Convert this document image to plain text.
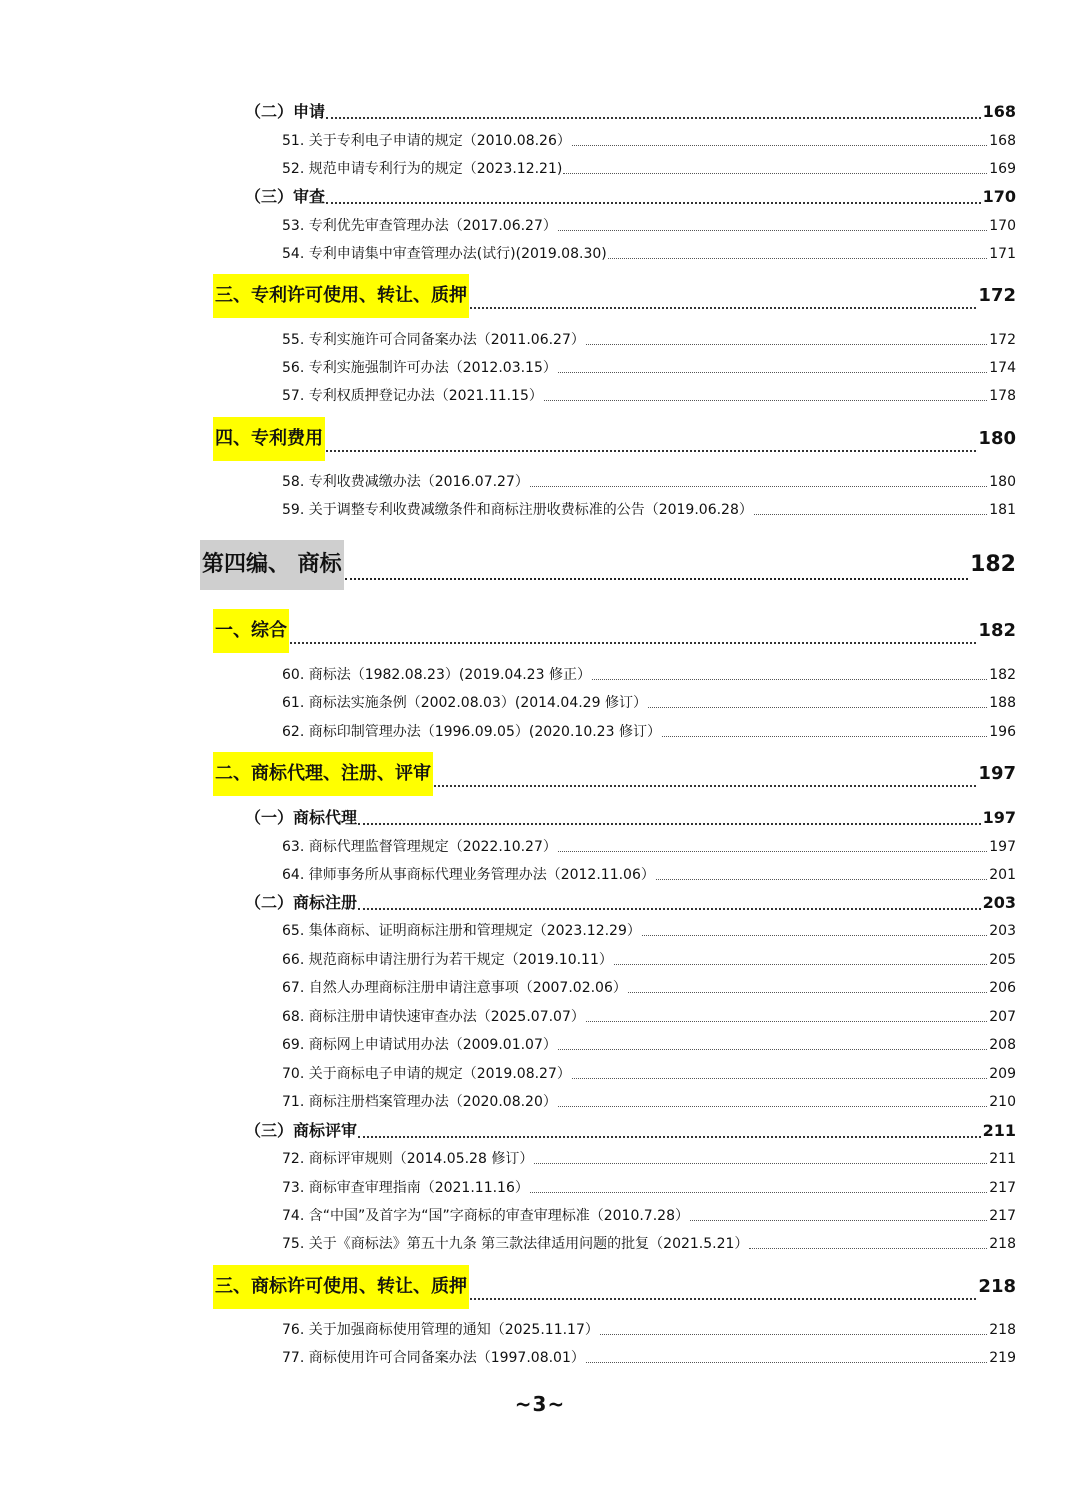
（二）申请	168
51. 关于专利电子申请的规定（2010.08.26）	168
52. 规范申请专利行为的规定（2023.12.21)	169
（三）审查	170
53. 专利优先审查管理办法（2017.06.27）	170
54. 专利申请集中审查管理办法(试行)(2019.08.30)	171
三、专利许可使用、转让、质押	172
55. 专利实施许可合同备案办法（2011.06.27）	172
56. 专利实施强制许可办法（2012.03.15）	174
57. 专利权质押登记办法（2021.11.15）	178
四、专利费用	180
58. 专利收费减缴办法（2016.07.27）	180
59. 关于调整专利收费减缴条件和商标注册收费标准的公告（2019.06.28）	181
第四编、 商标	182
一、综合	182
60. 商标法（1982.08.23）(2019.04.23 修正）	182
61. 商标法实施条例（2002.08.03）(2014.04.29 修订）	188
62. 商标印制管理办法（1996.09.05）(2020.10.23 修订）	196
二、商标代理、注册、评审	197
（一）商标代理	197
63. 商标代理监督管理规定（2022.10.27）	197
64. 律师事务所从事商标代理业务管理办法（2012.11.06）	201
（二）商标注册	203
65. 集体商标、证明商标注册和管理规定（2023.12.29）	203
66. 规范商标申请注册行为若干规定（2019.10.11）	205
67. 自然人办理商标注册申请注意事项（2007.02.06）	206
68. 商标注册申请快速审查办法（2025.07.07）	207
69. 商标网上申请试用办法（2009.01.07）	208
70. 关于商标电子申请的规定（2019.08.27）	209
71. 商标注册档案管理办法（2020.08.20）	210
（三）商标评审	211
72. 商标评审规则（2014.05.28 修订）	211
73. 商标审查审理指南（2021.11.16）	217
74. 含“中国”及首字为“国”字商标的审查审理标准（2010.7.28）	217
75. 关于《商标法》第五十九条 第三款法律适用问题的批复（2021.5.21）	218
三、商标许可使用、转让、质押	218
76. 关于加强商标使用管理的通知（2025.11.17）	218
77. 商标使用许可合同备案办法（1997.08.01）	219
~3~
